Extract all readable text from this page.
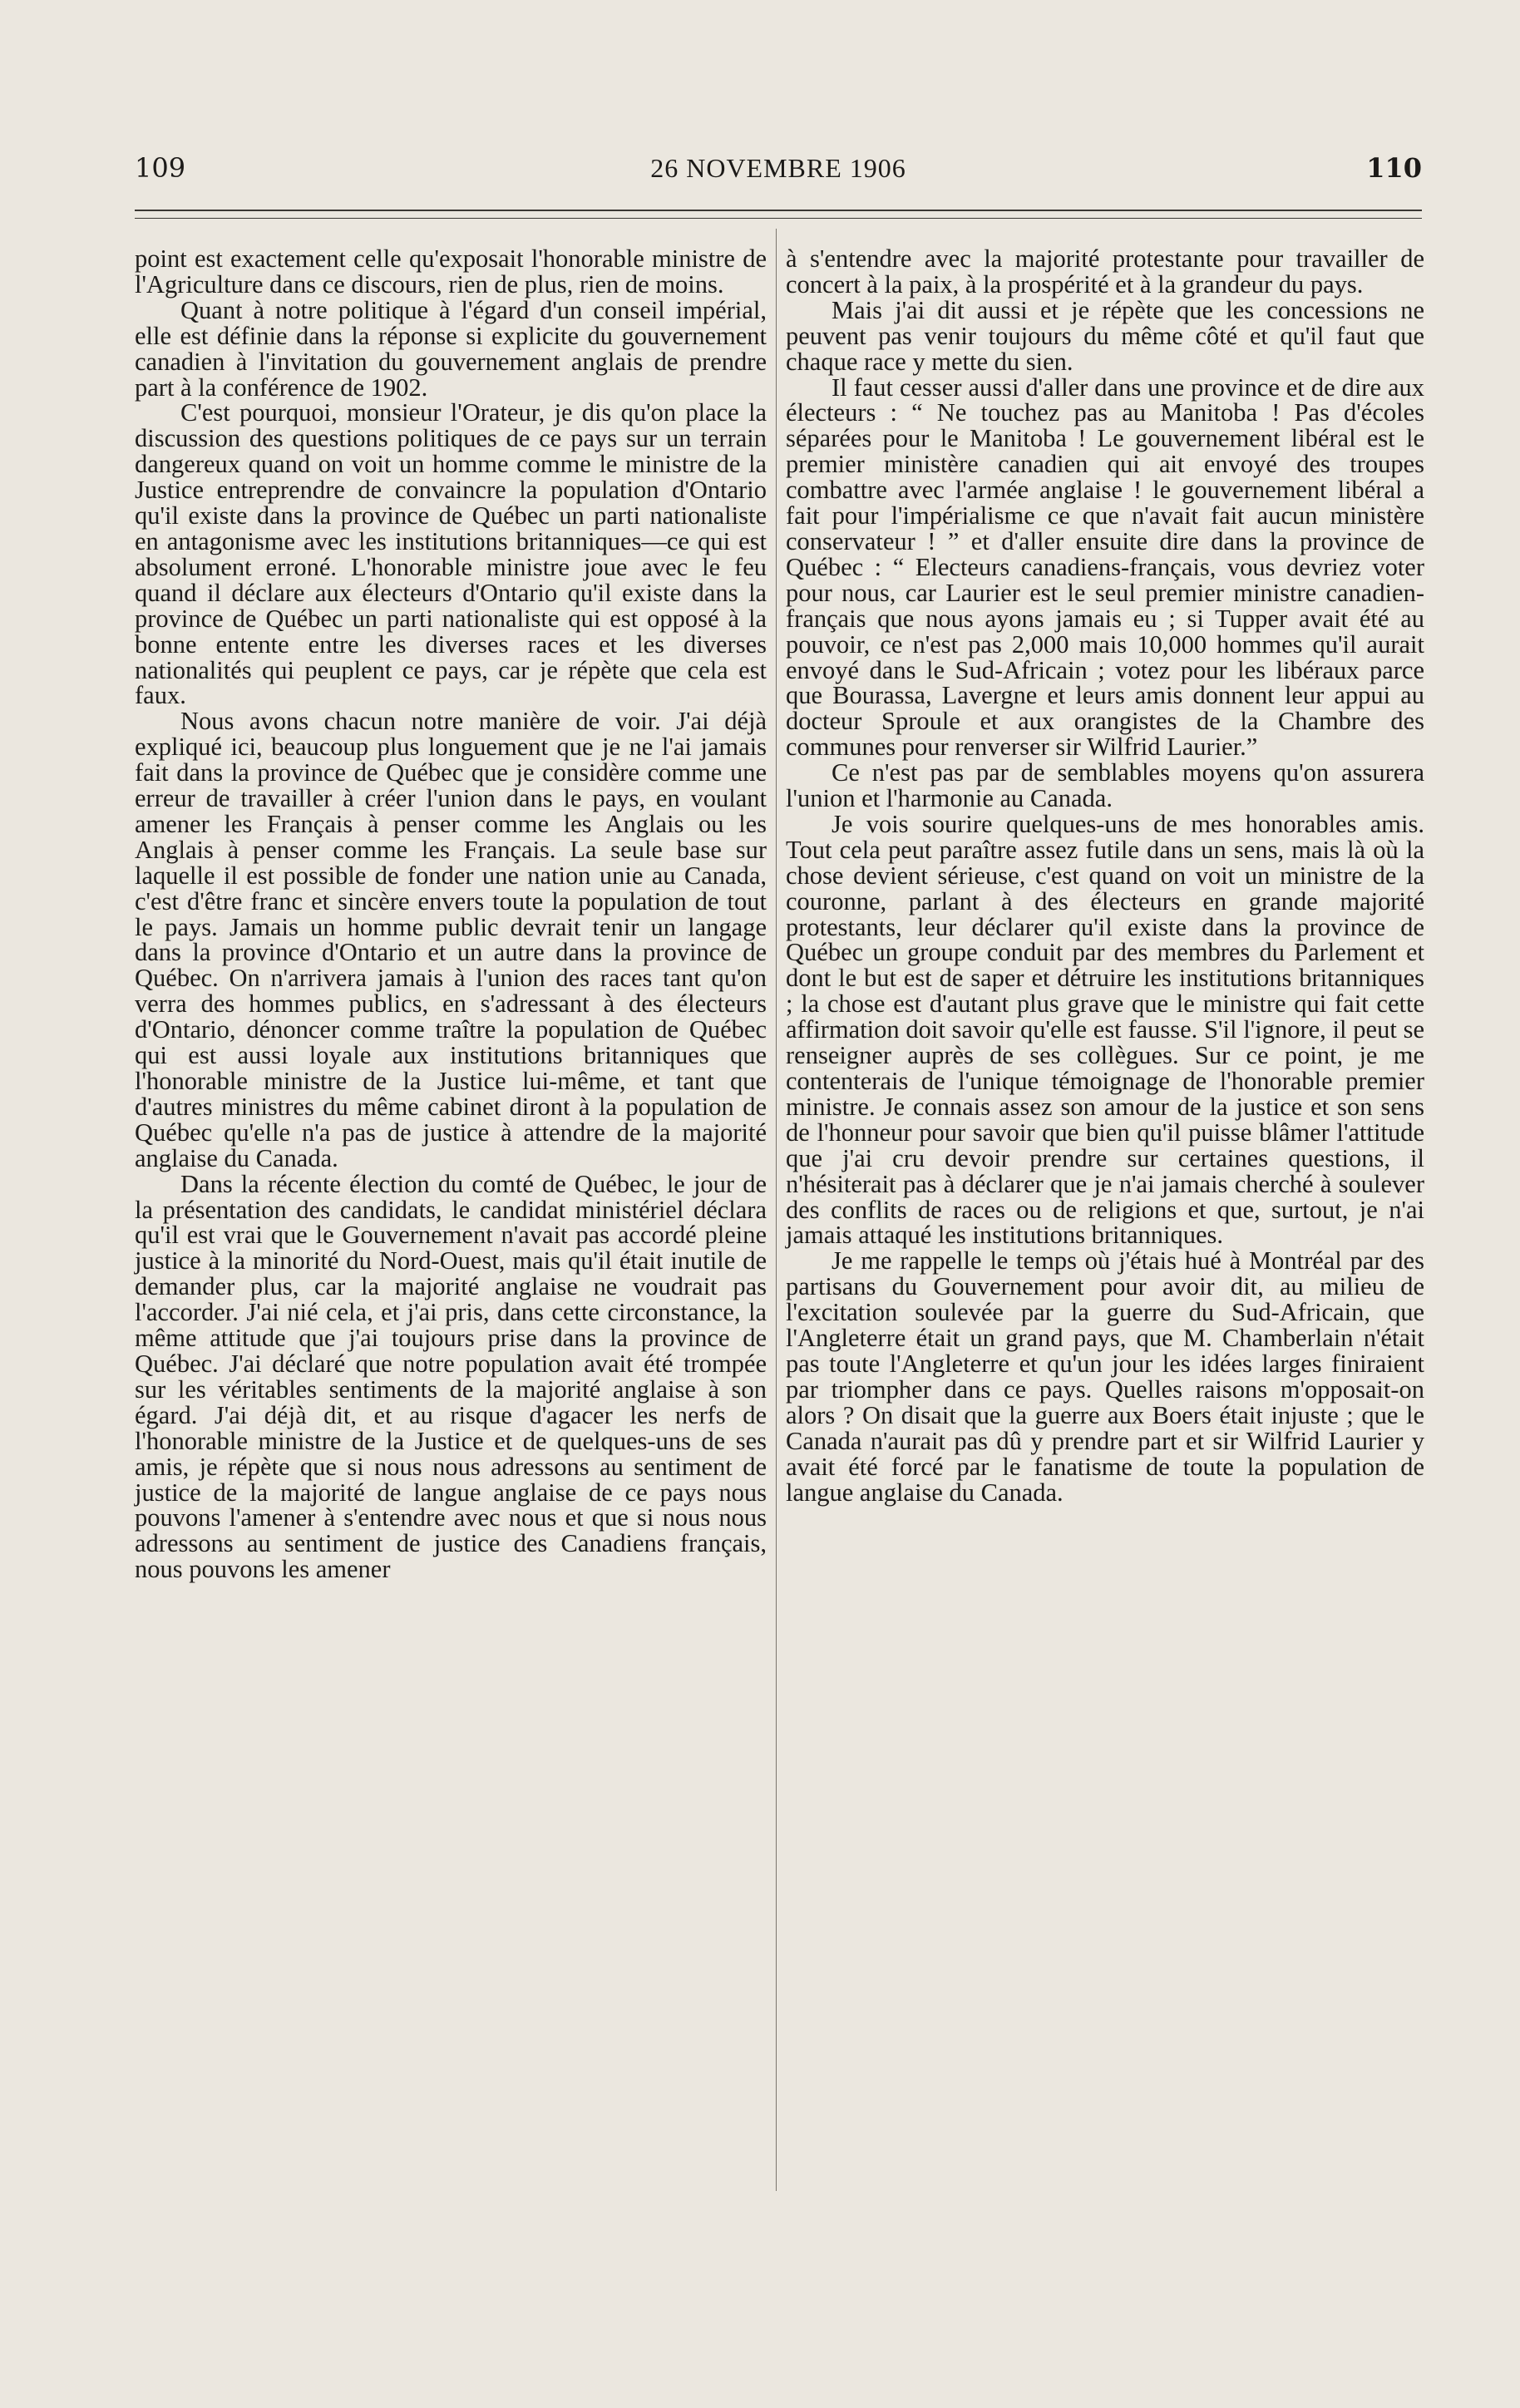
109	26 NOVEMBRE 1906	110

point est exactement celle qu'exposait l'honorable ministre de l'Agriculture dans ce discours, rien de plus, rien de moins.

Quant à notre politique à l'égard d'un conseil impérial, elle est définie dans la réponse si explicite du gouvernement canadien à l'invitation du gouvernement anglais de prendre part à la conférence de 1902.

C'est pourquoi, monsieur l'Orateur, je dis qu'on place la discussion des questions politiques de ce pays sur un terrain dangereux quand on voit un homme comme le ministre de la Justice entreprendre de convaincre la population d'Ontario qu'il existe dans la province de Québec un parti nationaliste en antagonisme avec les institutions britanniques—ce qui est absolument erroné. L'honorable ministre joue avec le feu quand il déclare aux électeurs d'Ontario qu'il existe dans la province de Québec un parti nationaliste qui est opposé à la bonne entente entre les diverses races et les diverses nationalités qui peuplent ce pays, car je répète que cela est faux.

Nous avons chacun notre manière de voir. J'ai déjà expliqué ici, beaucoup plus longuement que je ne l'ai jamais fait dans la province de Québec que je considère comme une erreur de travailler à créer l'union dans le pays, en voulant amener les Français à penser comme les Anglais ou les Anglais à penser comme les Français. La seule base sur laquelle il est possible de fonder une nation unie au Canada, c'est d'être franc et sincère envers toute la population de tout le pays. Jamais un homme public devrait tenir un langage dans la province d'Ontario et un autre dans la province de Québec. On n'arrivera jamais à l'union des races tant qu'on verra des hommes publics, en s'adressant à des électeurs d'Ontario, dénoncer comme traître la population de Québec qui est aussi loyale aux institutions britanniques que l'honorable ministre de la Justice lui-même, et tant que d'autres ministres du même cabinet diront à la population de Québec qu'elle n'a pas de justice à attendre de la majorité anglaise du Canada.

Dans la récente élection du comté de Québec, le jour de la présentation des candidats, le candidat ministériel déclara qu'il est vrai que le Gouvernement n'avait pas accordé pleine justice à la minorité du Nord-Ouest, mais qu'il était inutile de demander plus, car la majorité anglaise ne voudrait pas l'accorder. J'ai nié cela, et j'ai pris, dans cette circonstance, la même attitude que j'ai toujours prise dans la province de Québec. J'ai déclaré que notre population avait été trompée sur les véritables sentiments de la majorité anglaise à son égard. J'ai déjà dit, et au risque d'agacer les nerfs de l'honorable ministre de la Justice et de quelques-uns de ses amis, je répète que si nous nous adressons au sentiment de justice de la majorité de langue anglaise de ce pays nous pouvons l'amener à s'entendre avec nous et que si nous nous adressons au sentiment de justice des Canadiens français, nous pouvons les amener

à s'entendre avec la majorité protestante pour travailler de concert à la paix, à la prospérité et à la grandeur du pays.

Mais j'ai dit aussi et je répète que les concessions ne peuvent pas venir toujours du même côté et qu'il faut que chaque race y mette du sien.

Il faut cesser aussi d'aller dans une province et de dire aux électeurs : “ Ne touchez pas au Manitoba ! Pas d'écoles séparées pour le Manitoba ! Le gouvernement libéral est le premier ministère canadien qui ait envoyé des troupes combattre avec l'armée anglaise ! le gouvernement libéral a fait pour l'impérialisme ce que n'avait fait aucun ministère conservateur ! ” et d'aller ensuite dire dans la province de Québec : “ Electeurs canadiens-français, vous devriez voter pour nous, car Laurier est le seul premier ministre canadien-français que nous ayons jamais eu ; si Tupper avait été au pouvoir, ce n'est pas 2,000 mais 10,000 hommes qu'il aurait envoyé dans le Sud-Africain ; votez pour les libéraux parce que Bourassa, Lavergne et leurs amis donnent leur appui au docteur Sproule et aux orangistes de la Chambre des communes pour renverser sir Wilfrid Laurier.”

Ce n'est pas par de semblables moyens qu'on assurera l'union et l'harmonie au Canada.

Je vois sourire quelques-uns de mes honorables amis. Tout cela peut paraître assez futile dans un sens, mais là où la chose devient sérieuse, c'est quand on voit un ministre de la couronne, parlant à des électeurs en grande majorité protestants, leur déclarer qu'il existe dans la province de Québec un groupe conduit par des membres du Parlement et dont le but est de saper et détruire les institutions britanniques ; la chose est d'autant plus grave que le ministre qui fait cette affirmation doit savoir qu'elle est fausse. S'il l'ignore, il peut se renseigner auprès de ses collègues. Sur ce point, je me contenterais de l'unique témoignage de l'honorable premier ministre. Je connais assez son amour de la justice et son sens de l'honneur pour savoir que bien qu'il puisse blâmer l'attitude que j'ai cru devoir prendre sur certaines questions, il n'hésiterait pas à déclarer que je n'ai jamais cherché à soulever des conflits de races ou de religions et que, surtout, je n'ai jamais attaqué les institutions britanniques.

Je me rappelle le temps où j'étais hué à Montréal par des partisans du Gouvernement pour avoir dit, au milieu de l'excitation soulevée par la guerre du Sud-Africain, que l'Angleterre était un grand pays, que M. Chamberlain n'était pas toute l'Angleterre et qu'un jour les idées larges finiraient par triompher dans ce pays. Quelles raisons m'opposait-on alors ? On disait que la guerre aux Boers était injuste ; que le Canada n'aurait pas dû y prendre part et sir Wilfrid Laurier y avait été forcé par le fanatisme de toute la population de langue anglaise du Canada.
